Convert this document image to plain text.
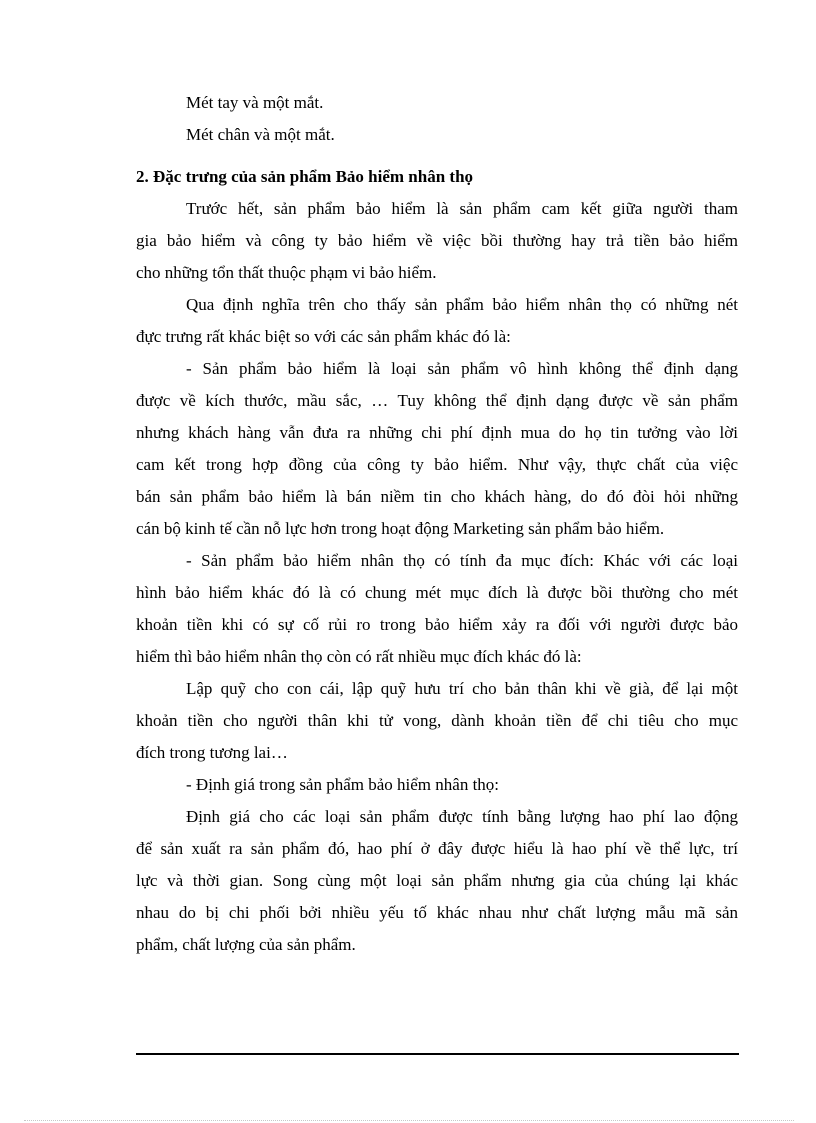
Mét tay và một mắt.
Mét chân và một mắt.
2. Đặc trưng của sản phẩm Bảo hiểm nhân thọ
Trước hết, sản phẩm bảo hiểm là sản phẩm cam kết giữa người tham
gia bảo hiểm và công ty bảo hiểm về việc bồi thường hay trả tiền bảo hiểm
cho những tổn thất thuộc phạm vi bảo hiểm.
Qua định nghĩa trên cho thấy sản phẩm bảo hiểm nhân thọ có những nét
đực trưng rất khác biệt so với các sản phẩm khác đó là:
- Sản phẩm bảo hiểm là loại sản phẩm vô hình không thể định dạng
được về kích thước, mầu sắc, … Tuy không thể định dạng được về sản phẩm
nhưng khách hàng vẫn đưa ra những chi phí định mua do họ tin tưởng vào lời
cam kết trong hợp đồng của công ty bảo hiểm. Như vậy, thực chất của việc
bán sản phẩm bảo hiểm là bán niềm tin cho khách hàng, do đó đòi hỏi những
cán bộ kinh tế cần nỗ lực hơn trong hoạt động Marketing sản phẩm bảo hiểm.
- Sản phẩm bảo hiểm nhân thọ có tính đa mục đích: Khác với các loại
hình bảo hiểm khác đó là có chung mét mục đích là được bồi thường cho mét
khoản tiền khi có sự cố rủi ro trong bảo hiểm xảy ra đối với người được bảo
hiểm thì bảo hiểm nhân thọ còn có rất nhiều mục đích khác đó là:
Lập quỹ cho con cái, lập quỹ hưu trí cho bản thân khi về già, để lại một
khoản tiền cho người thân khi tử vong, dành khoản tiền để chi tiêu cho mục
đích trong tương lai…
- Định giá trong sản phẩm bảo hiểm nhân thọ:
Định giá cho các loại sản phẩm được tính bằng lượng hao phí lao động
để sản xuất ra sản phẩm đó, hao phí ở đây được hiểu là hao phí về thể lực, trí
lực và thời gian. Song cùng một loại sản phẩm nhưng gia của chúng lại khác
nhau do bị chi phối bởi nhiều yếu tố khác nhau như chất lượng mẫu mã sản
phẩm, chất lượng của sản phẩm.
